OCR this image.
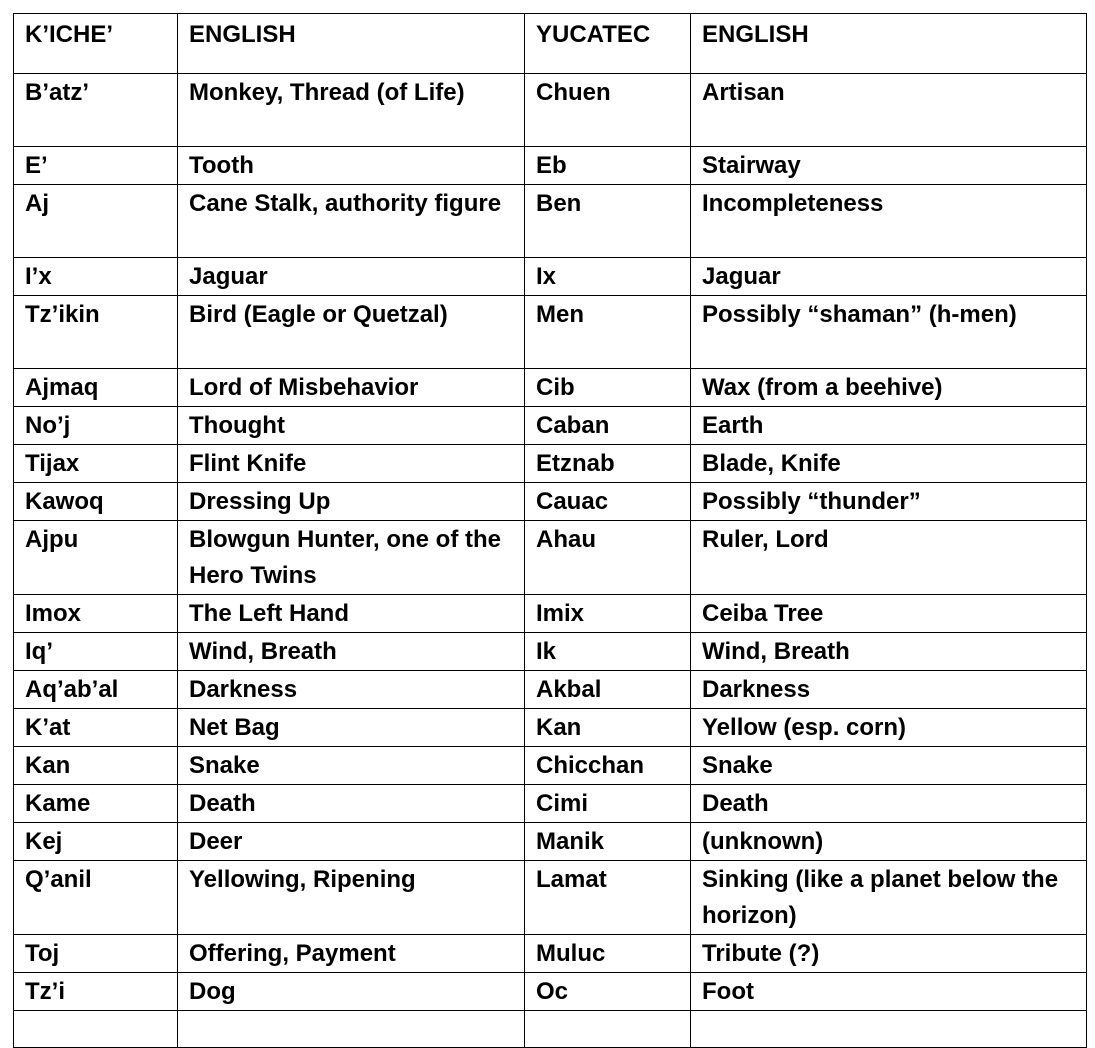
K’ICHE’	ENGLISH	YUCATEC	ENGLISH
B’atz’	Monkey, Thread (of Life)	Chuen	Artisan
E’	Tooth	Eb	Stairway
Aj	Cane Stalk, authority figure	Ben	Incompleteness
I’x	Jaguar	Ix	Jaguar
Tz’ikin	Bird (Eagle or Quetzal)	Men	Possibly “shaman” (h-men)
Ajmaq	Lord of Misbehavior	Cib	Wax (from a beehive)
No’j	Thought	Caban	Earth
Tijax	Flint Knife	Etznab	Blade, Knife
Kawoq	Dressing Up	Cauac	Possibly “thunder”
Ajpu	Blowgun Hunter, one of the Hero Twins	Ahau	Ruler, Lord
Imox	The Left Hand	Imix	Ceiba Tree
Iq’	Wind, Breath	Ik	Wind, Breath
Aq’ab’al	Darkness	Akbal	Darkness
K’at	Net Bag	Kan	Yellow (esp. corn)
Kan	Snake	Chicchan	Snake
Kame	Death	Cimi	Death
Kej	Deer	Manik	(unknown)
Q’anil	Yellowing, Ripening	Lamat	Sinking (like a planet below the horizon)
Toj	Offering, Payment	Muluc	Tribute (?)
Tz’i	Dog	Oc	Foot
